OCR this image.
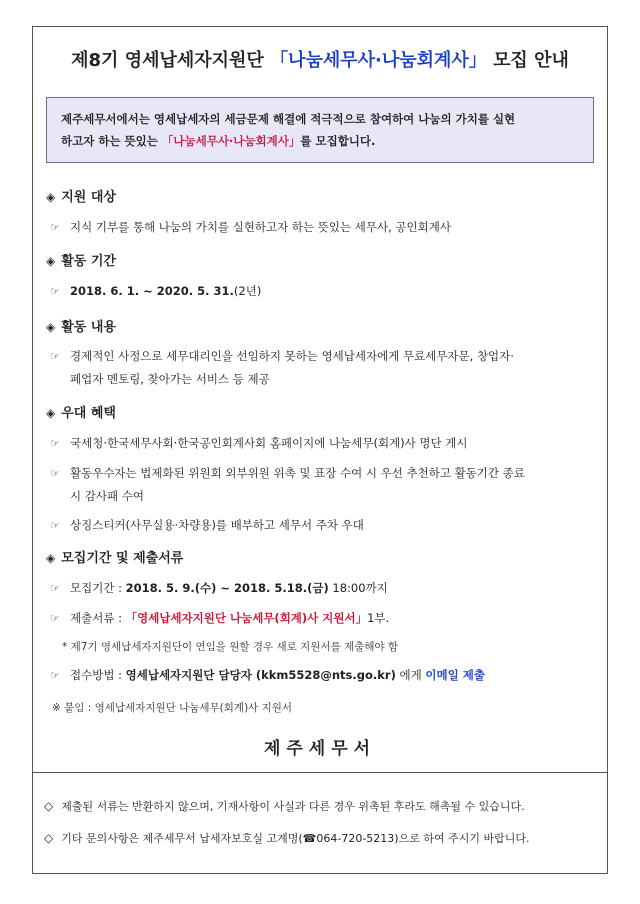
제8기 영세납세자지원단 「나눔세무사·나눔회계사」 모집 안내
제주세무서에서는 영세납세자의 세금문제 해결에 적극적으로 참여하여 나눔의 가치를 실현
하고자 하는 뜻있는 「나눔세무사·나눔회계사」를 모집합니다.
◈ 지원 대상
☞ 지식 기부를 통해 나눔의 가치를 실현하고자 하는 뜻있는 세무사, 공인회계사
◈ 활동 기간
☞ 2018. 6. 1. ~ 2020. 5. 31.(2년)
◈ 활동 내용
☞ 경제적인 사정으로 세무대리인을 선임하지 못하는 영세납세자에게 무료세무자문, 창업자·
폐업자 멘토링, 찾아가는 서비스 등 제공
◈ 우대 혜택
☞ 국세청·한국세무사회·한국공인회계사회 홈페이지에 나눔세무(회계)사 명단 게시
☞ 활동우수자는 법제화된 위원회 외부위원 위촉 및 표장 수여 시 우선 추천하고 활동기간 종료
시 감사패 수여
☞ 상징스티커(사무실용·차량용)를 배부하고 세무서 주차 우대
◈ 모집기간 및 제출서류
☞ 모집기간 : 2018. 5. 9.(수) ~ 2018. 5.18.(금) 18:00까지
☞ 제출서류 : 「영세납세자지원단 나눔세무(회계)사 지원서」1부.
* 제7기 영세납세자지원단이 연임을 원할 경우 새로 지원서를 제출해야 함
☞ 접수방법 : 영세납세자지원단 담당자 (kkm5528@nts.go.kr) 에게 이메일 제출
※ 붙임 : 영세납세자지원단 나눔세무(회계)사 지원서
제주세무서
◇ 제출된 서류는 반환하지 않으며, 기재사항이 사실과 다른 경우 위촉된 후라도 해촉될 수 있습니다.
◇ 기타 문의사항은 제주세무서 납세자보호실 고계명(☎064-720-5213)으로 하여 주시기 바랍니다.
